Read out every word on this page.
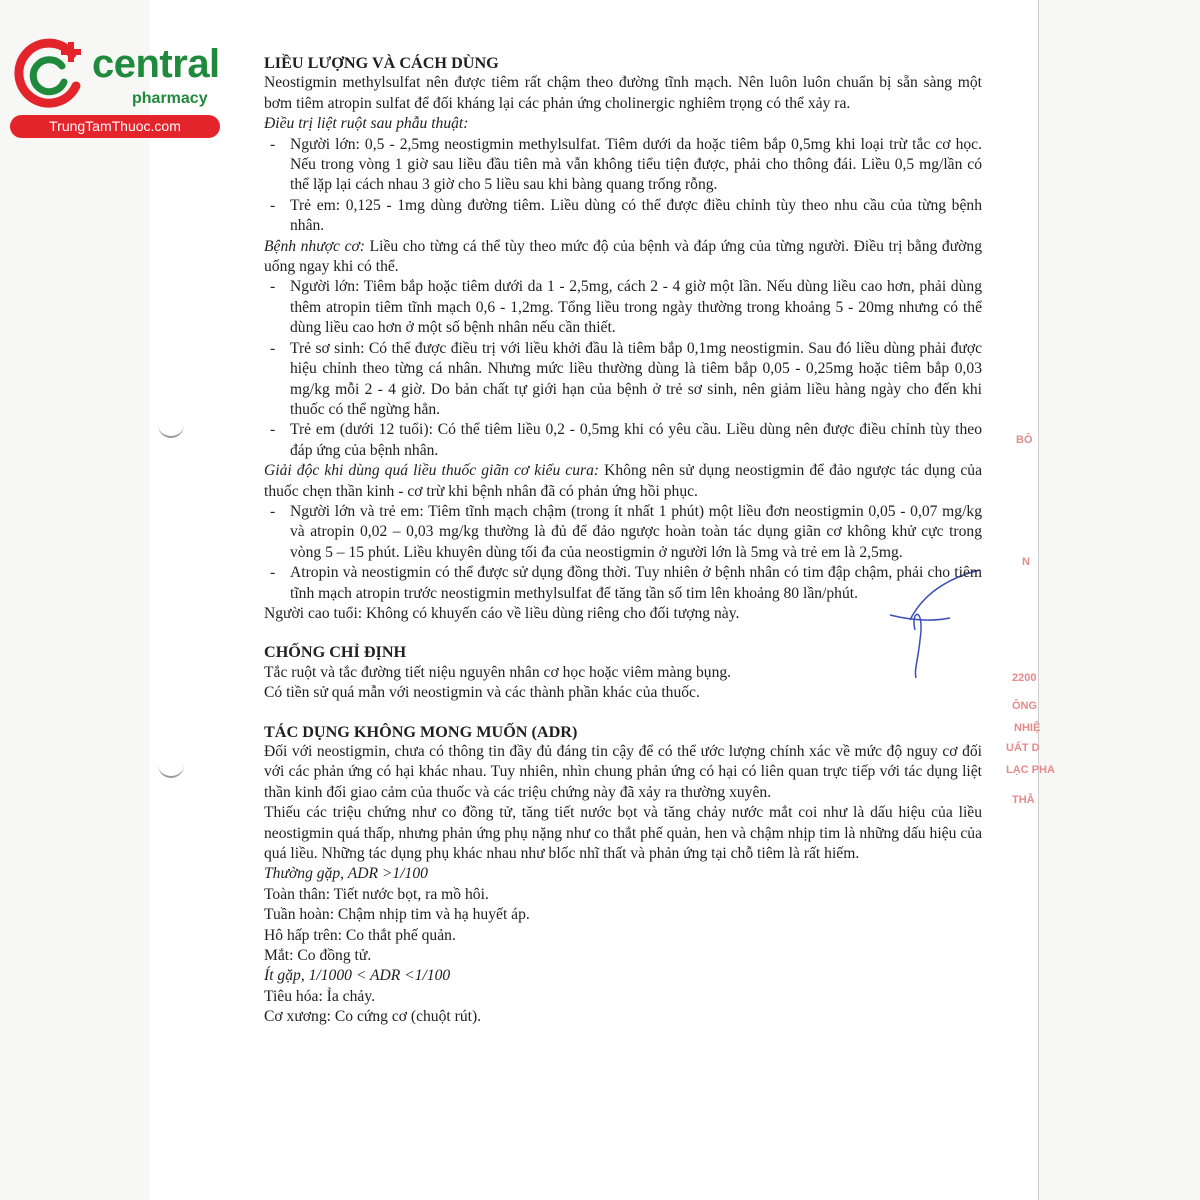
central
pharmacy
TrungTamThuoc.com
BÔ
N
2200
ÔNG
NHIỆ
UẤT D
LẠC PHA
THĂ

LIỀU LƯỢNG VÀ CÁCH DÙNG

Neostigmin methylsulfat nên được tiêm rất chậm theo đường tĩnh mạch. Nên luôn luôn chuẩn bị sẵn sàng một bơm tiêm atropin sulfat để đối kháng lại các phản ứng cholinergic nghiêm trọng có thể xảy ra.

Điều trị liệt ruột sau phẫu thuật:

- Người lớn: 0,5 - 2,5mg neostigmin methylsulfat. Tiêm dưới da hoặc tiêm bắp 0,5mg khi loại trừ tắc cơ học. Nếu trong vòng 1 giờ sau liều đầu tiên mà vẫn không tiểu tiện được, phải cho thông đái. Liều 0,5 mg/lần có thể lặp lại cách nhau 3 giờ cho 5 liều sau khi bàng quang trống rỗng.
- Trẻ em: 0,125 - 1mg dùng đường tiêm. Liều dùng có thể được điều chỉnh tùy theo nhu cầu của từng bệnh nhân.

Bệnh nhược cơ: Liều cho từng cá thể tùy theo mức độ của bệnh và đáp ứng của từng người. Điều trị bằng đường uống ngay khi có thể.

- Người lớn: Tiêm bắp hoặc tiêm dưới da 1 - 2,5mg, cách 2 - 4 giờ một lần. Nếu dùng liều cao hơn, phải dùng thêm atropin tiêm tĩnh mạch 0,6 - 1,2mg. Tổng liều trong ngày thường trong khoảng 5 - 20mg nhưng có thể dùng liều cao hơn ở một số bệnh nhân nếu cần thiết.
- Trẻ sơ sinh: Có thể được điều trị với liều khởi đầu là tiêm bắp 0,1mg neostigmin. Sau đó liều dùng phải được hiệu chỉnh theo từng cá nhân. Nhưng mức liều thường dùng là tiêm bắp 0,05 - 0,25mg hoặc tiêm bắp 0,03 mg/kg mỗi 2 - 4 giờ. Do bản chất tự giới hạn của bệnh ở trẻ sơ sinh, nên giảm liều hàng ngày cho đến khi thuốc có thể ngừng hẳn.
- Trẻ em (dưới 12 tuổi): Có thể tiêm liều 0,2 - 0,5mg khi có yêu cầu. Liều dùng nên được điều chỉnh tùy theo đáp ứng của bệnh nhân.

Giải độc khi dùng quá liều thuốc giãn cơ kiểu cura: Không nên sử dụng neostigmin để đảo ngược tác dụng của thuốc chẹn thần kinh - cơ trừ khi bệnh nhân đã có phản ứng hồi phục.

- Người lớn và trẻ em: Tiêm tĩnh mạch chậm (trong ít nhất 1 phút) một liều đơn neostigmin 0,05 - 0,07 mg/kg và atropin 0,02 – 0,03 mg/kg thường là đủ để đảo ngược hoàn toàn tác dụng giãn cơ không khử cực trong vòng 5 – 15 phút. Liều khuyên dùng tối đa của neostigmin ở người lớn là 5mg và trẻ em là 2,5mg.
- Atropin và neostigmin có thể được sử dụng đồng thời. Tuy nhiên ở bệnh nhân có tim đập chậm, phải cho tiêm tĩnh mạch atropin trước neostigmin methylsulfat để tăng tần số tim lên khoảng 80 lần/phút.

Người cao tuổi: Không có khuyến cáo về liều dùng riêng cho đối tượng này.

CHỐNG CHỈ ĐỊNH

Tắc ruột và tắc đường tiết niệu nguyên nhân cơ học hoặc viêm màng bụng.

Có tiền sử quá mẫn với neostigmin và các thành phần khác của thuốc.

TÁC DỤNG KHÔNG MONG MUỐN (ADR)

Đối với neostigmin, chưa có thông tin đầy đủ đáng tin cậy để có thể ước lượng chính xác về mức độ nguy cơ đối với các phản ứng có hại khác nhau. Tuy nhiên, nhìn chung phản ứng có hại có liên quan trực tiếp với tác dụng liệt thần kinh đối giao cảm của thuốc và các triệu chứng này đã xảy ra thường xuyên.

Thiếu các triệu chứng như co đồng tử, tăng tiết nước bọt và tăng chảy nước mắt coi như là dấu hiệu của liều neostigmin quá thấp, nhưng phản ứng phụ nặng như co thắt phế quản, hen và chậm nhịp tim là những dấu hiệu của quá liều. Những tác dụng phụ khác nhau như blốc nhĩ thất và phản ứng tại chỗ tiêm là rất hiếm.

Thường gặp, ADR >1/100

Toàn thân: Tiết nước bọt, ra mồ hôi.

Tuần hoàn: Chậm nhịp tim và hạ huyết áp.

Hô hấp trên: Co thắt phế quản.

Mắt: Co đồng tử.

Ít gặp, 1/1000 < ADR <1/100

Tiêu hóa: Ỉa chảy.

Cơ xương: Co cứng cơ (chuột rút).
